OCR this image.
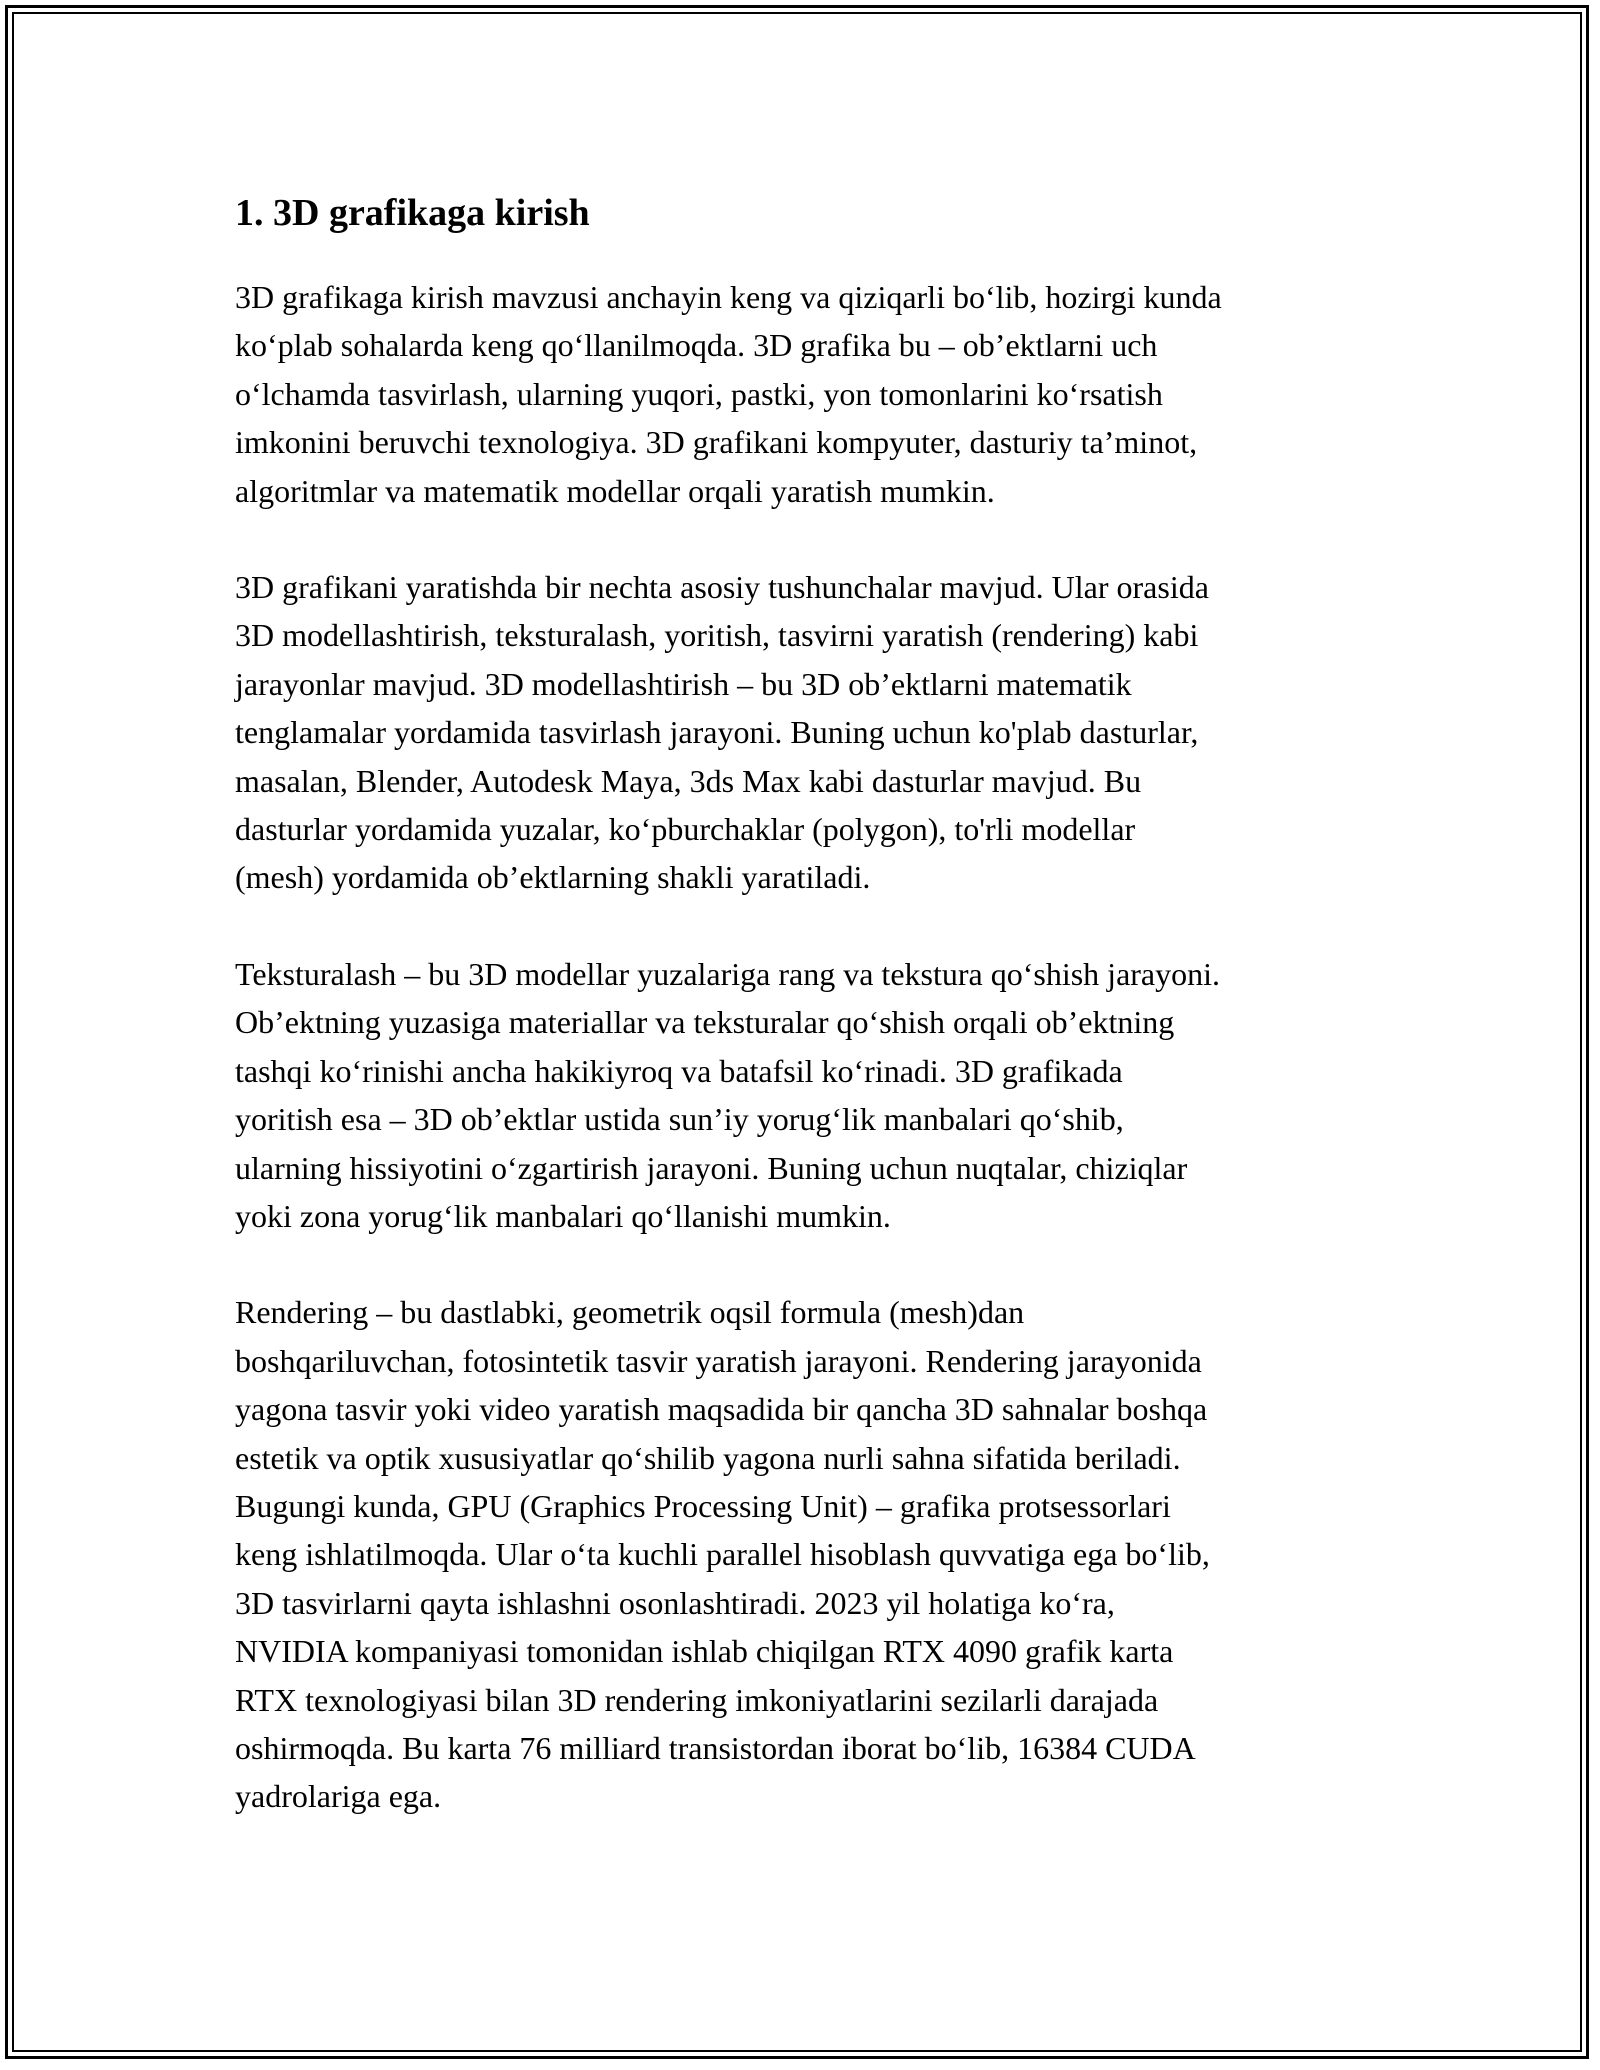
1. 3D grafikaga kirish

3D grafikaga kirish mavzusi anchayin keng va qiziqarli bo‘lib, hozirgi kunda
ko‘plab sohalarda keng qo‘llanilmoqda. 3D grafika bu – ob’ektlarni uch
o‘lchamda tasvirlash, ularning yuqori, pastki, yon tomonlarini ko‘rsatish
imkonini beruvchi texnologiya. 3D grafikani kompyuter, dasturiy ta’minot,
algoritmlar va matematik modellar orqali yaratish mumkin.

3D grafikani yaratishda bir nechta asosiy tushunchalar mavjud. Ular orasida
3D modellashtirish, teksturalash, yoritish, tasvirni yaratish (rendering) kabi
jarayonlar mavjud. 3D modellashtirish – bu 3D ob’ektlarni matematik
tenglamalar yordamida tasvirlash jarayoni. Buning uchun ko'plab dasturlar,
masalan, Blender, Autodesk Maya, 3ds Max kabi dasturlar mavjud. Bu
dasturlar yordamida yuzalar, ko‘pburchaklar (polygon), to'rli modellar
(mesh) yordamida ob’ektlarning shakli yaratiladi.

Teksturalash – bu 3D modellar yuzalariga rang va tekstura qo‘shish jarayoni.
Ob’ektning yuzasiga materiallar va teksturalar qo‘shish orqali ob’ektning
tashqi ko‘rinishi ancha hakikiyroq va batafsil ko‘rinadi. 3D grafikada
yoritish esa – 3D ob’ektlar ustida sun’iy yorug‘lik manbalari qo‘shib,
ularning hissiyotini o‘zgartirish jarayoni. Buning uchun nuqtalar, chiziqlar
yoki zona yorug‘lik manbalari qo‘llanishi mumkin.

Rendering – bu dastlabki, geometrik oqsil formula (mesh)dan
boshqariluvchan, fotosintetik tasvir yaratish jarayoni. Rendering jarayonida
yagona tasvir yoki video yaratish maqsadida bir qancha 3D sahnalar boshqa
estetik va optik xususiyatlar qo‘shilib yagona nurli sahna sifatida beriladi.
Bugungi kunda, GPU (Graphics Processing Unit) – grafika protsessorlari
keng ishlatilmoqda. Ular o‘ta kuchli parallel hisoblash quvvatiga ega bo‘lib,
3D tasvirlarni qayta ishlashni osonlashtiradi. 2023 yil holatiga ko‘ra,
NVIDIA kompaniyasi tomonidan ishlab chiqilgan RTX 4090 grafik karta
RTX texnologiyasi bilan 3D rendering imkoniyatlarini sezilarli darajada
oshirmoqda. Bu karta 76 milliard transistordan iborat bo‘lib, 16384 CUDA
yadrolariga ega.
